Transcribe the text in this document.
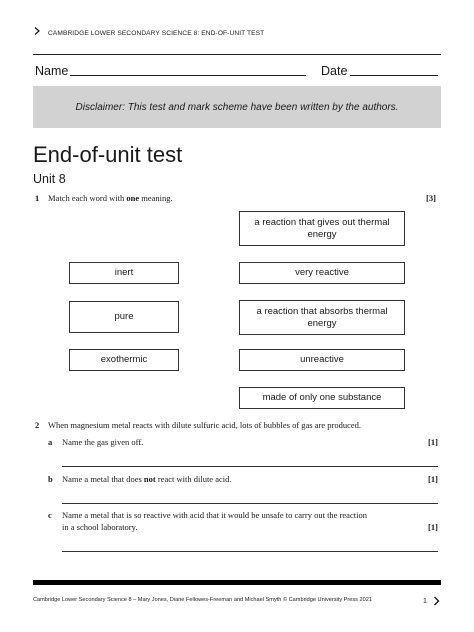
CAMBRIDGE LOWER SECONDARY SCIENCE 8: END-OF-UNIT TEST
Name	Date
Disclaimer: This test and mark scheme have been written by the authors.
End-of-unit test
Unit 8
1 Match each word with one meaning.	[3]
inert
pure
exothermic
a reaction that gives out thermal energy
very reactive
a reaction that absorbs thermal energy
unreactive
made of only one substance
2 When magnesium metal reacts with dilute sulfuric acid, lots of bubbles of gas are produced.
a Name the gas given off.	[1]
b Name a metal that does not react with dilute acid.	[1]
c Name a metal that is so reactive with acid that it would be unsafe to carry out the reaction
in a school laboratory.	[1]
Cambridge Lower Secondary Science 8 – Mary Jones, Diane Fellowes-Freeman and Michael Smyth © Cambridge University Press 2021	1
